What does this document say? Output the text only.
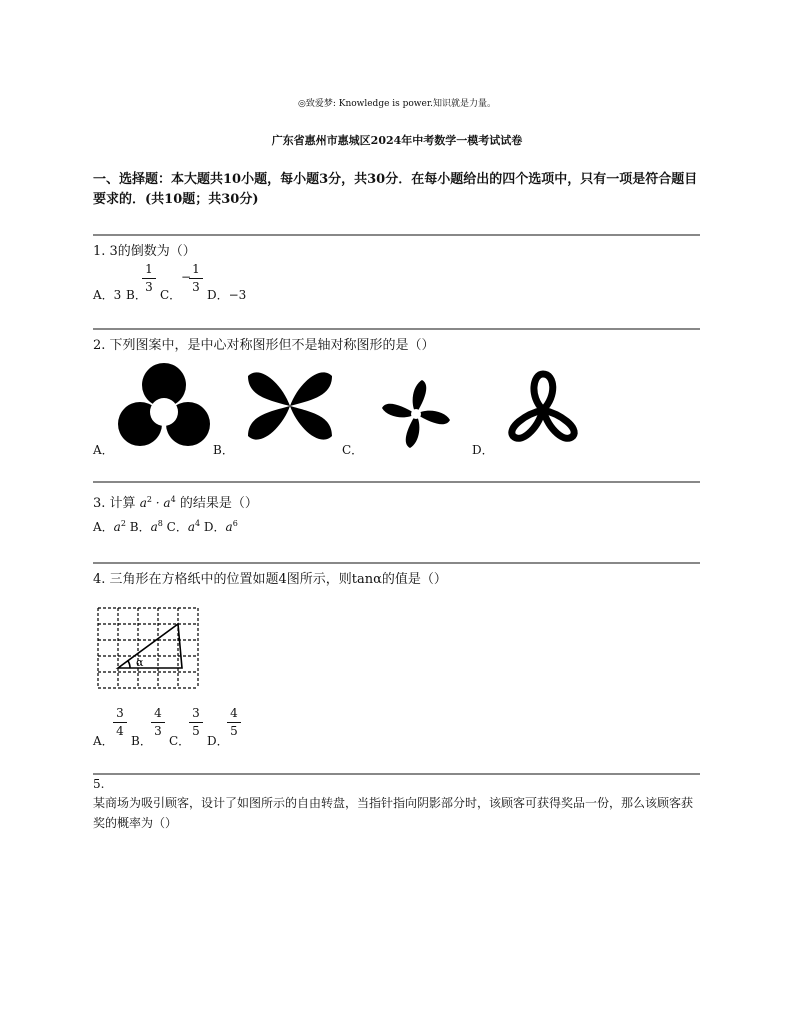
◎致爱梦: Knowledge is power.知识就是力量。
广东省惠州市惠城区2024年中考数学一模考试试卷
一、选择题：本大题共10小题，每小题3分，共30分．在每小题给出的四个选项中，只有一项是符合题目要求的．(共10题；共30分)
1. 3的倒数为（）
A．3 B．
1
3
C．
−
1
3
D．−3
2. 下列图案中，是中心对称图形但不是轴对称图形的是（）
A．	B．	C．	D．
3. 计算 $a^2 \cdot a^4$ 的结果是（）
A．$a^2$ B．$a^8$ C．$a^4$ D．$a^6$
4. 三角形在方格纸中的位置如题4图所示，则tanα的值是（）
α
A．
3
4
B．
4
3
C．
3
5
D．
4
5
5.
某商场为吸引顾客，设计了如图所示的自由转盘，当指针指向阴影部分时，该顾客可获得奖品一份，那么该顾客获奖的概率为（）
